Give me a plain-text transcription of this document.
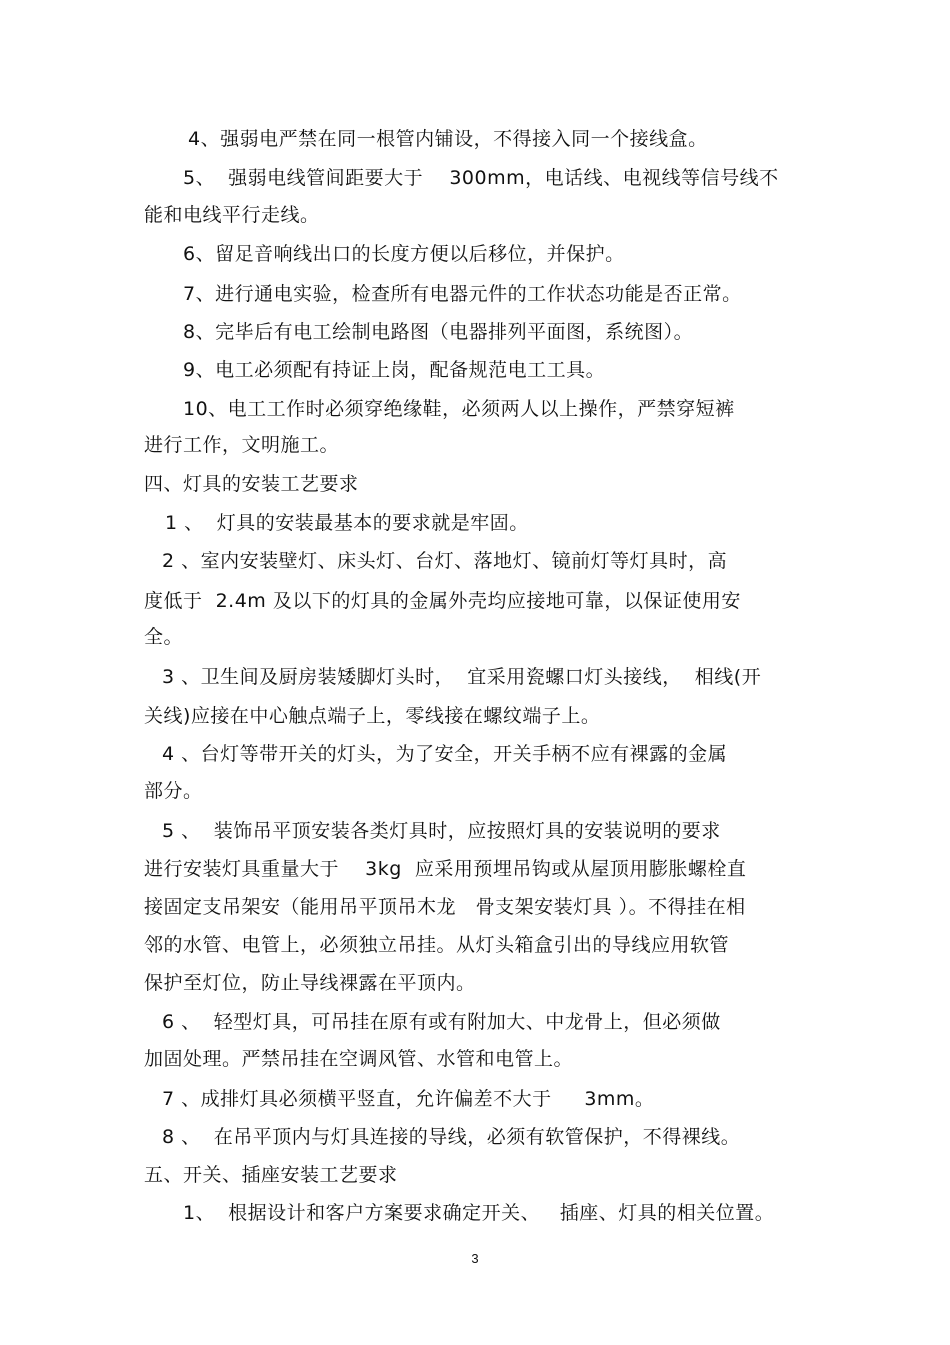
4、强弱电严禁在同一根管内铺设，不得接入同一个接线盒。
5、  强弱电线管间距要大于    300mm，电话线、电视线等信号线不
能和电线平行走线。
6、留足音响线出口的长度方便以后移位，并保护。
7、进行通电实验，检查所有电器元件的工作状态功能是否正常。
8、完毕后有电工绘制电路图（电器排列平面图，系统图）。
9、电工必须配有持证上岗，配备规范电工工具。
10、电工工作时必须穿绝缘鞋，必须两人以上操作，严禁穿短裤
进行工作，文明施工。
四、灯具的安装工艺要求
1 、  灯具的安装最基本的要求就是牢固。
2 、室内安装壁灯、床头灯、台灯、落地灯、镜前灯等灯具时，高
度低于  2.4m 及以下的灯具的金属外壳均应接地可靠，以保证使用安
全。
3 、卫生间及厨房装矮脚灯头时，  宜采用瓷螺口灯头接线，  相线(开
关线)应接在中心触点端子上，零线接在螺纹端子上。
4 、台灯等带开关的灯头，为了安全，开关手柄不应有裸露的金属
部分。
5 、  装饰吊平顶安装各类灯具时，应按照灯具的安装说明的要求
进行安装灯具重量大于    3kg  应采用预埋吊钩或从屋顶用膨胀螺栓直
接固定支吊架安（能用吊平顶吊木龙   骨支架安装灯具 ）。不得挂在相
邻的水管、电管上，必须独立吊挂。从灯头箱盒引出的导线应用软管
保护至灯位，防止导线裸露在平顶内。
6 、  轻型灯具，可吊挂在原有或有附加大、中龙骨上，但必须做
加固处理。严禁吊挂在空调风管、水管和电管上。
7 、成排灯具必须横平竖直，允许偏差不大于     3mm。
8 、  在吊平顶内与灯具连接的导线，必须有软管保护，不得裸线。
五、开关、插座安装工艺要求
1、  根据设计和客户方案要求确定开关、   插座、灯具的相关位置。
3
